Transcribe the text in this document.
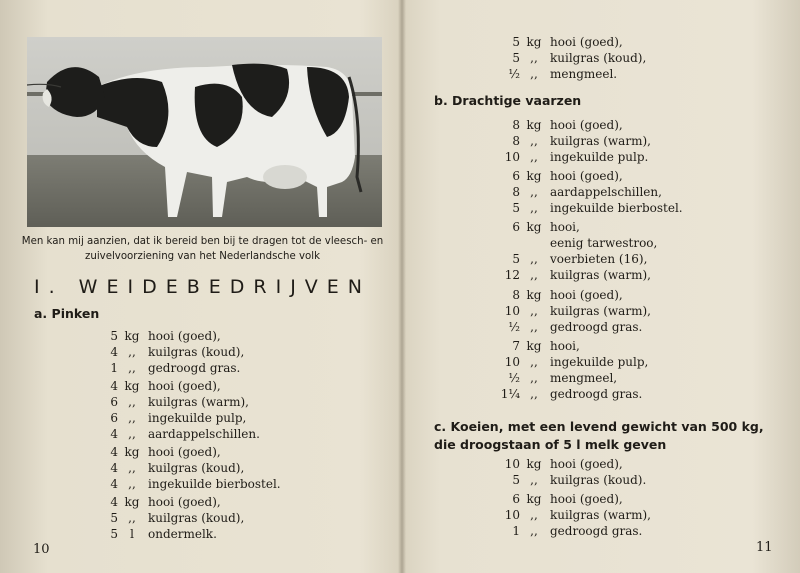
Men kan mij aanzien, dat ik bereid ben bij te dragen tot de vleesch- en zuivelvoorziening van het Nederlandsche volk
I. WEIDEBEDRIJVEN
a. Pinken
5 kg hooi (goed),
4 ,,	kuilgras (koud),
1 ,,	gedroogd gras.
4 kg hooi (goed),
6 ,,	kuilgras (warm),
6 ,,	ingekuilde pulp,
4 ,,	aardappelschillen.
4 kg hooi (goed),
4 ,,	kuilgras (koud),
4 ,,	ingekuilde bierbostel.
4 kg hooi (goed),
5 ,,	kuilgras (koud),
5	l	ondermelk.
10
5 kg hooi (goed),
5 ,,	kuilgras (koud),
½ ,,	mengmeel.
b. Drachtige vaarzen
8 kg hooi (goed),
8 ,,	kuilgras (warm),
10 ,,	ingekuilde pulp.
6 kg hooi (goed),
8 ,,	aardappelschillen,
5 ,,	ingekuilde bierbostel.
6 kg hooi,
eenig tarwestroo,
5 ,,	voerbieten (16),
12 ,,	kuilgras (warm),
8 kg hooi (goed),
10 ,,	kuilgras (warm),
½ ,,	gedroogd gras.
7 kg hooi,
10 ,,	ingekuilde pulp,
½ ,,	mengmeel,
1¼ ,,	gedroogd gras.
c. Koeien, met een levend gewicht van 500 kg, die droogstaan of 5 l melk geven
10 kg hooi (goed),
5 ,,	kuilgras (koud).
6 kg hooi (goed),
10 ,,	kuilgras (warm),
1 ,,	gedroogd gras.
11
